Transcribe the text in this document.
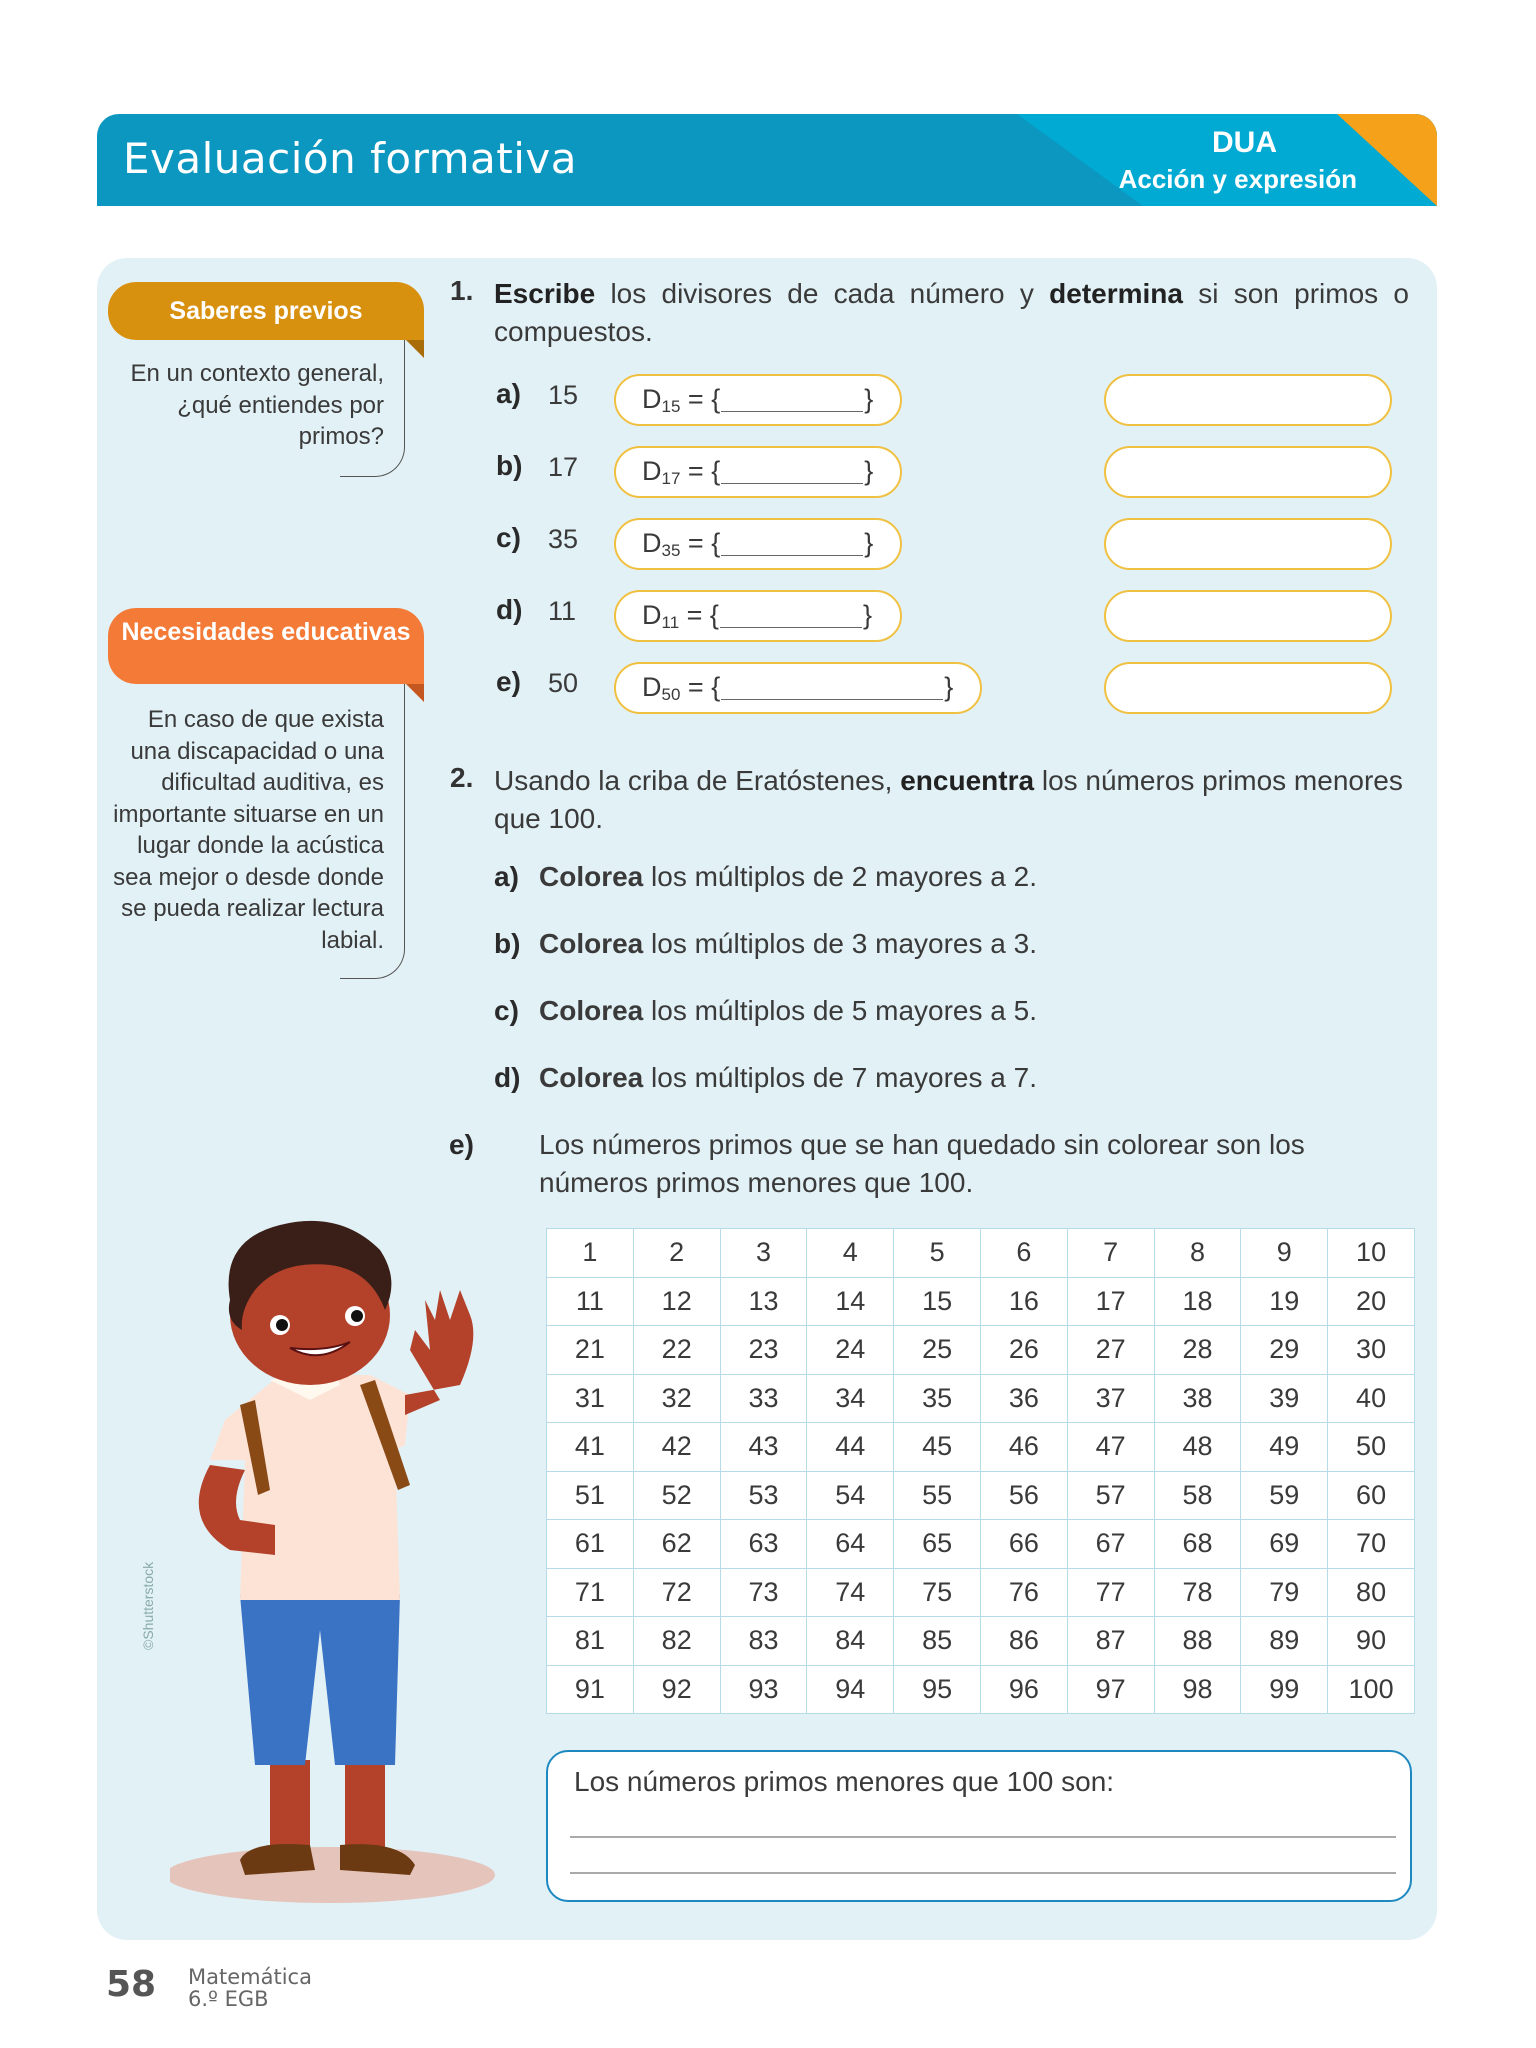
Evaluación formativa	DUA
Acción y expresión
Saberes previos
En un contexto general, ¿qué entiendes por primos?
Necesidades educativas
En caso de que exista una discapacidad o una dificultad auditiva, es importante situarse en un lugar donde la acústica sea mejor o desde donde se pueda realizar lectura labial.
1. Escribe los divisores de cada número y determina si son primos o compuestos.
a) 15 $D_{15}$ = {	}
b) 17 $D_{17}$ = {	}
c) 35 $D_{35}$ = {	}
d) 11 $D_{11}$ = {	}
e) 50 $D_{50}$ = {	}
2. Usando la criba de Eratóstenes, encuentra los números primos menores que 100.
a) Colorea los múltiplos de 2 mayores a 2.
b) Colorea los múltiplos de 3 mayores a 3.
c) Colorea los múltiplos de 5 mayores a 5.
d) Colorea los múltiplos de 7 mayores a 7.
e) Los números primos que se han quedado sin colorear son los números primos menores que 100.
1	2	3	4	5	6	7	8	9	10
11	12	13	14	15	16	17	18	19	20
21	22	23	24	25	26	27	28	29	30
31	32	33	34	35	36	37	38	39	40
41	42	43	44	45	46	47	48	49	50
51	52	53	54	55	56	57	58	59	60
61	62	63	64	65	66	67	68	69	70
71	72	73	74	75	76	77	78	79	80
81	82	83	84	85	86	87	88	89	90
91	92	93	94	95	96	97	98	99	100
Los números primos menores que 100 son:
©Shutterstock
58 Matemática
6.º EGB
